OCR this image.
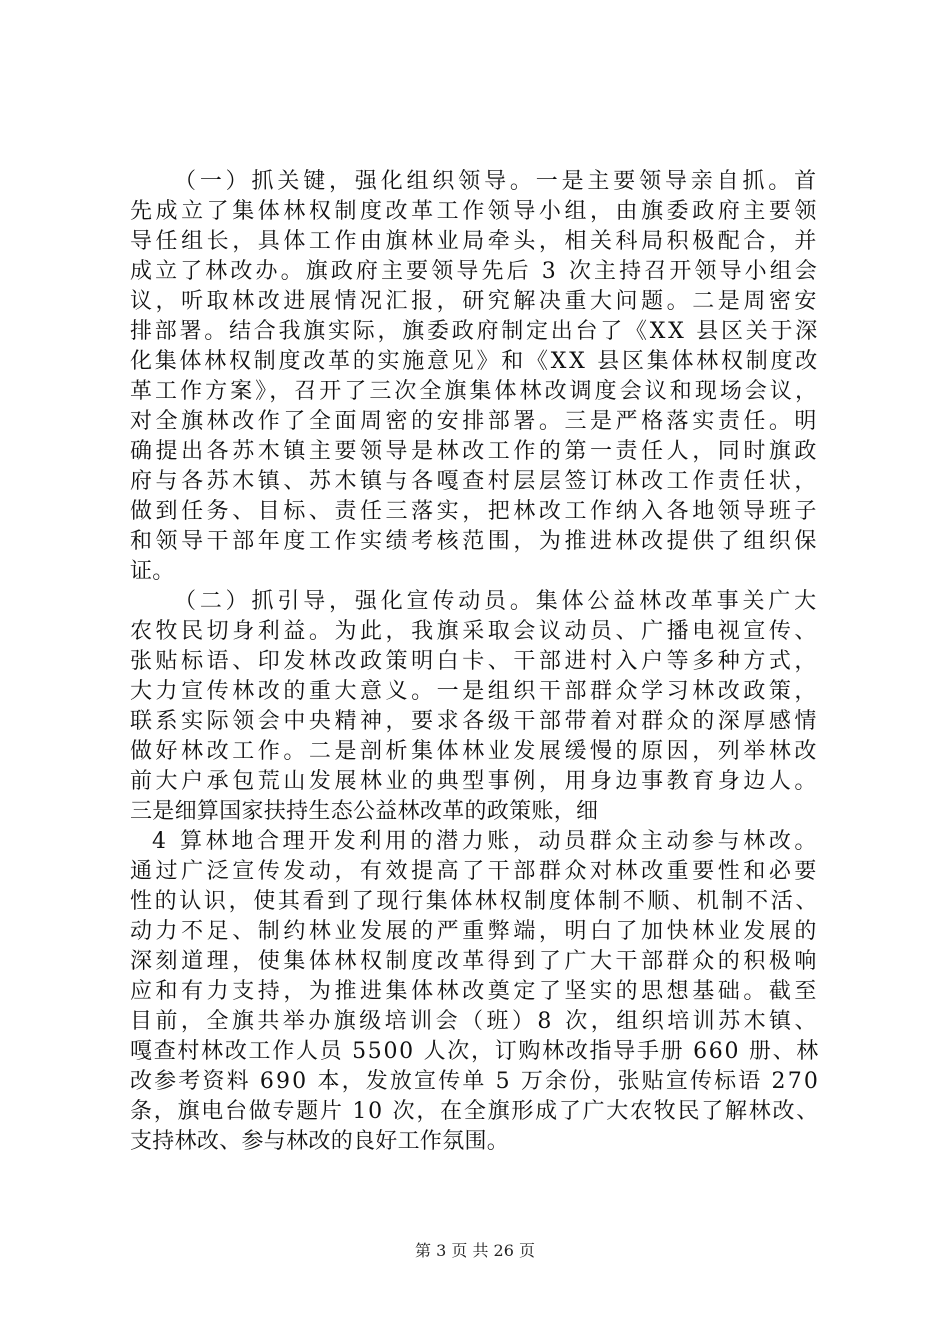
（一）抓关键，强化组织领导。一是主要领导亲自抓。首
先成立了集体林权制度改革工作领导小组，由旗委政府主要领
导任组长，具体工作由旗林业局牵头，相关科局积极配合，并
成立了林改办。旗政府主要领导先后 3 次主持召开领导小组会
议，听取林改进展情况汇报，研究解决重大问题。二是周密安
排部署。结合我旗实际，旗委政府制定出台了《XX 县区关于深
化集体林权制度改革的实施意见》和《XX 县区集体林权制度改
革工作方案》，召开了三次全旗集体林改调度会议和现场会议，
对全旗林改作了全面周密的安排部署。三是严格落实责任。明
确提出各苏木镇主要领导是林改工作的第一责任人，同时旗政
府与各苏木镇、苏木镇与各嘎查村层层签订林改工作责任状，
做到任务、目标、责任三落实，把林改工作纳入各地领导班子
和领导干部年度工作实绩考核范围，为推进林改提供了组织保
证。
（二）抓引导，强化宣传动员。集体公益林改革事关广大
农牧民切身利益。为此，我旗采取会议动员、广播电视宣传、
张贴标语、印发林改政策明白卡、干部进村入户等多种方式，
大力宣传林改的重大意义。一是组织干部群众学习林改政策，
联系实际领会中央精神，要求各级干部带着对群众的深厚感情
做好林改工作。二是剖析集体林业发展缓慢的原因，列举林改
前大户承包荒山发展林业的典型事例，用身边事教育身边人。
三是细算国家扶持生态公益林改革的政策账，细
4 算林地合理开发利用的潜力账，动员群众主动参与林改。
通过广泛宣传发动，有效提高了干部群众对林改重要性和必要
性的认识，使其看到了现行集体林权制度体制不顺、机制不活、
动力不足、制约林业发展的严重弊端，明白了加快林业发展的
深刻道理，使集体林权制度改革得到了广大干部群众的积极响
应和有力支持，为推进集体林改奠定了坚实的思想基础。截至
目前，全旗共举办旗级培训会（班）8 次，组织培训苏木镇、
嘎查村林改工作人员 5500 人次，订购林改指导手册 660 册、林
改参考资料 690 本，发放宣传单 5 万余份，张贴宣传标语 270
条，旗电台做专题片 10 次，在全旗形成了广大农牧民了解林改、
支持林改、参与林改的良好工作氛围。
第 3 页 共 26 页
